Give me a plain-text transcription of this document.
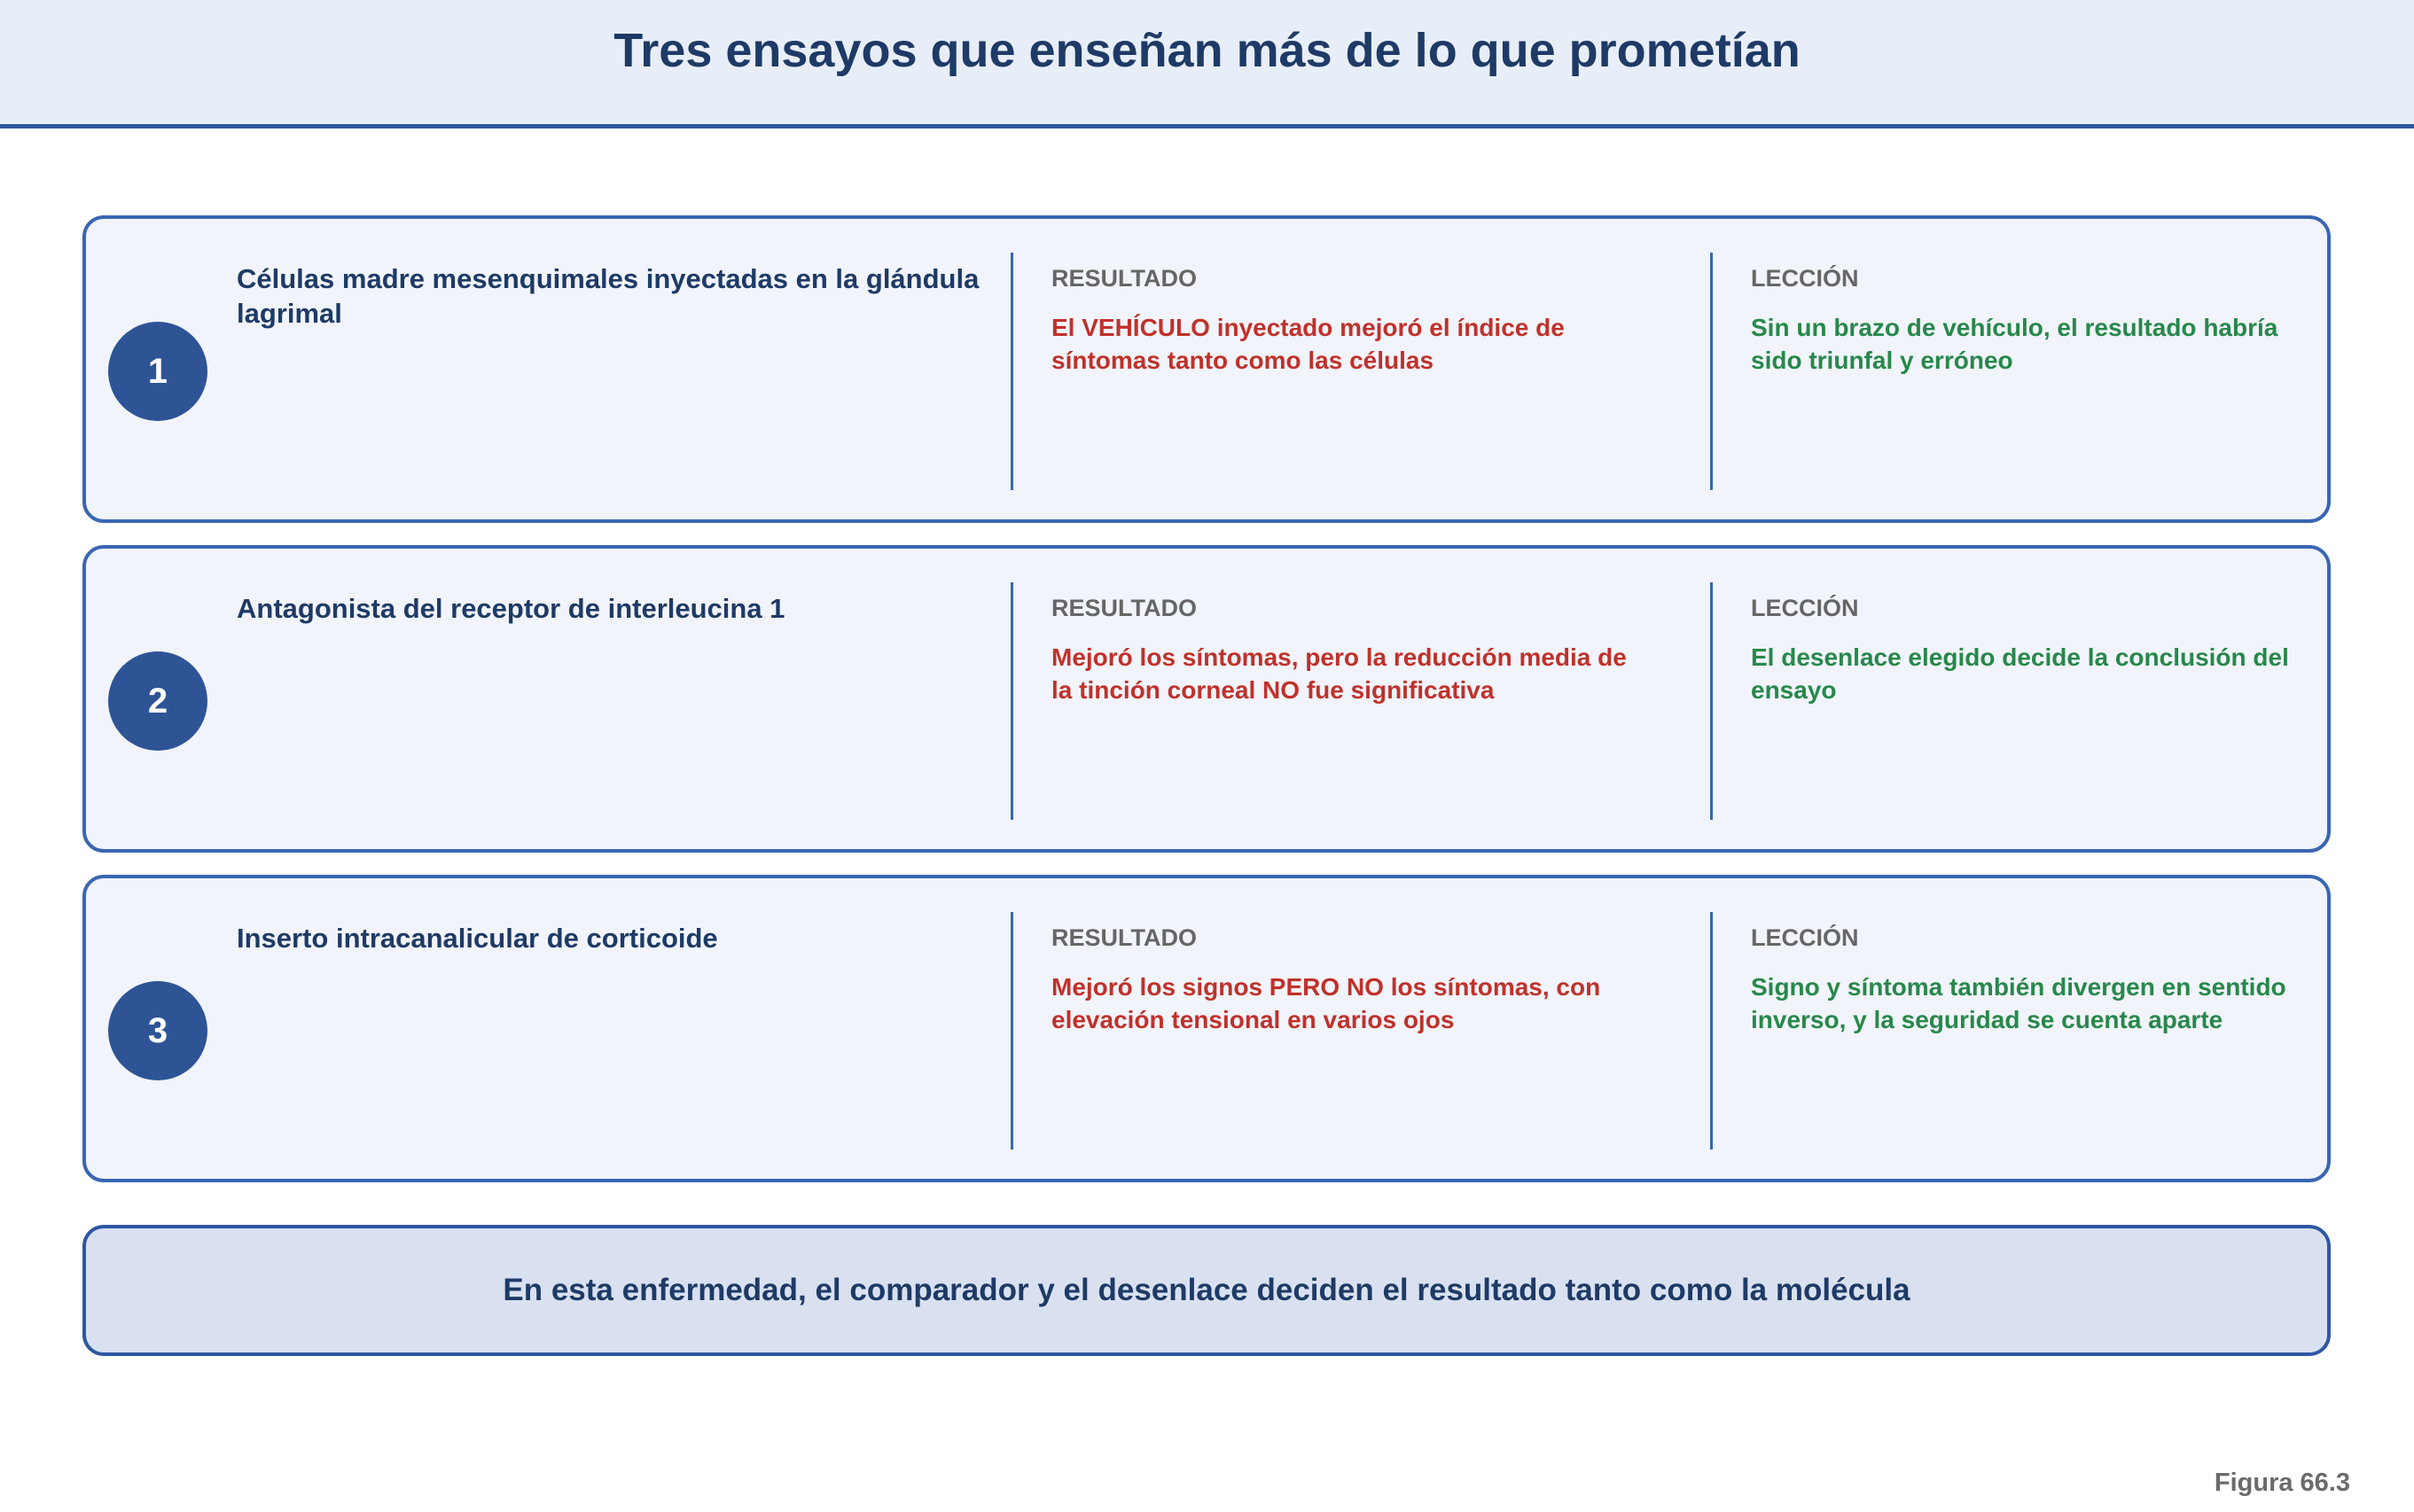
Tres ensayos que enseñan más de lo que prometían
1
Células madre mesenquimales inyectadas en la glándula lagrimal
RESULTADO
El VEHÍCULO inyectado mejoró el índice de síntomas tanto como las células
LECCIÓN
Sin un brazo de vehículo, el resultado habría sido triunfal y erróneo
2
Antagonista del receptor de interleucina 1	RESULTADO
Mejoró los síntomas, pero la reducción media de la tinción corneal NO fue significativa
LECCIÓN
El desenlace elegido decide la conclusión del ensayo
3
Inserto intracanalicular de corticoide	RESULTADO
Mejoró los signos PERO NO los síntomas, con elevación tensional en varios ojos
LECCIÓN
Signo y síntoma también divergen en sentido inverso, y la seguridad se cuenta aparte
En esta enfermedad, el comparador y el desenlace deciden el resultado tanto como la molécula
Figura 66.3
